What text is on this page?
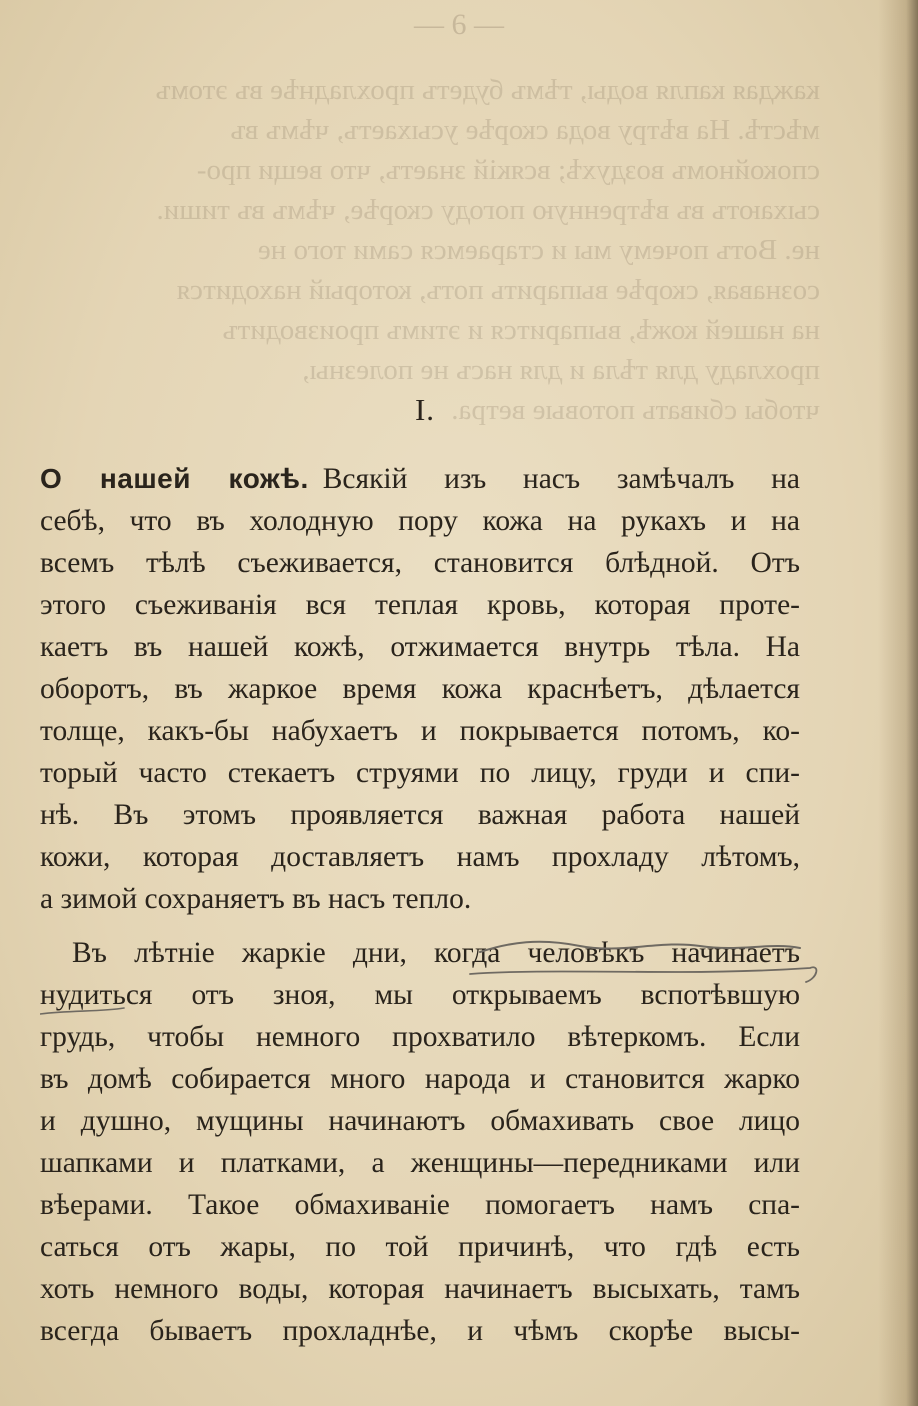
— 6 —
каждая капля воды, тѣмъ будетъ прохладнѣе въ этомъ
мѣстѣ. На вѣтру вода скорѣе усыхаетъ, чѣмъ въ
спокойномъ воздухѣ; всякій знаетъ, что вещи про-
сыхаютъ въ вѣтренную погоду скорѣе, чѣмъ въ тиши.
не. Вотъ почему мы и стараемся сами того не
сознавая, скорѣе выпарить потъ, который находится
на нашей кожѣ, выпарится и этимъ производитъ
прохладу для тѣла и для насъ не полезны,
чтобы сбивать потовые ветра.
I.
О нашей кожѣ. Всякій изъ насъ замѣчалъ на
себѣ, что въ холодную пору кожа на рукахъ и на
всемъ тѣлѣ съеживается, становится блѣдной. Отъ
этого съеживанія вся теплая кровь, которая проте-
каетъ въ нашей кожѣ, отжимается внутрь тѣла. На
оборотъ, въ жаркое время кожа краснѣетъ, дѣлается
толще, какъ-бы набухаетъ и покрывается потомъ, ко-
торый часто стекаетъ струями по лицу, груди и спи-
нѣ. Въ этомъ проявляется важная работа нашей
кожи, которая доставляетъ намъ прохладу лѣтомъ,
а зимой сохраняетъ въ насъ тепло.
Въ лѣтніе жаркіе дни, когда человѣкъ начинаетъ
нудиться отъ зноя, мы открываемъ вспотѣвшую
грудь, чтобы немного прохватило вѣтеркомъ. Если
въ домѣ собирается много народа и становится жарко
и душно, мущины начинаютъ обмахивать свое лицо
шапками и платками, а женщины—передниками или
вѣерами. Такое обмахиваніе помогаетъ намъ спа-
саться отъ жары, по той причинѣ, что гдѣ есть
хоть немного воды, которая начинаетъ высыхать, тамъ
всегда бываетъ прохладнѣе, и чѣмъ скорѣе высы-
